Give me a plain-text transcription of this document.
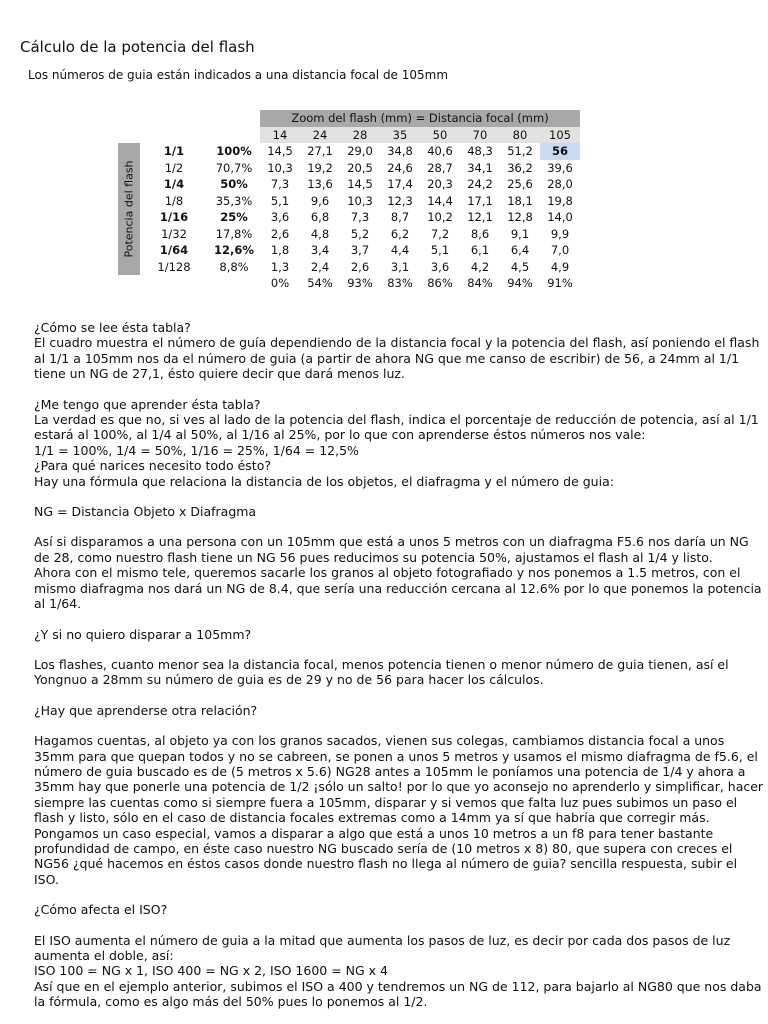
Cálculo de la potencia del flash
Los números de guia están indicados a una distancia focal de 105mm
			Zoom del flash (mm) = Distancia focal (mm)							
			14	24	28	35	50	70	80	105

Potencia del flash	1/1	100%	14,5	27,1	29,0	34,8	40,6	48,3	51,2	56
	1/2	70,7%	10,3	19,2	20,5	24,6	28,7	34,1	36,2	39,6
	1/4	50%	7,3	13,6	14,5	17,4	20,3	24,2	25,6	28,0
	1/8	35,3%	5,1	9,6	10,3	12,3	14,4	17,1	18,1	19,8
	1/16	25%	3,6	6,8	7,3	8,7	10,2	12,1	12,8	14,0
	1/32	17,8%	2,6	4,8	5,2	6,2	7,2	8,6	9,1	9,9
	1/64	12,6%	1,8	3,4	3,7	4,4	5,1	6,1	6,4	7,0
	1/128	8,8%	1,3	2,4	2,6	3,1	3,6	4,2	4,5	4,9
			0%	54%	93%	83%	86%	84%	94%	91%

¿Cómo se lee ésta tabla?

El cuadro muestra el número de guía dependiendo de la distancia focal y la potencia del flash, así poniendo el flash al 1/1 a 105mm nos da el número de guia (a partir de ahora NG que me canso de escribir) de 56, a 24mm al 1/1 tiene un NG de 27,1, ésto quiere decir que dará menos luz.

¿Me tengo que aprender ésta tabla?

La verdad es que no, si ves al lado de la potencia del flash, indica el porcentaje de reducción de potencia, así al 1/1 estará al 100%, al 1/4 al 50%, al 1/16 al 25%, por lo que con aprenderse éstos números nos vale:

1/1 = 100%, 1/4 = 50%, 1/16 = 25%, 1/64 = 12,5%

¿Para qué narices necesito todo ésto?

Hay una fórmula que relaciona la distancia de los objetos, el diafragma y el número de guia:

NG = Distancia Objeto x Diafragma

Así si disparamos a una persona con un 105mm que está a unos 5 metros con un diafragma F5.6 nos daría un NG de 28, como nuestro flash tiene un NG 56 pues reducimos su potencia 50%, ajustamos el flash al 1/4 y listo.

Ahora con el mismo tele, queremos sacarle los granos al objeto fotografiado y nos ponemos a 1.5 metros, con el mismo diafragma nos dará un NG de 8.4, que sería una reducción cercana al 12.6% por lo que ponemos la potencia al 1/64.

¿Y si no quiero disparar a 105mm?

Los flashes, cuanto menor sea la distancia focal, menos potencia tienen o menor número de guia tienen, así el Yongnuo a 28mm su número de guia es de 29 y no de 56 para hacer los cálculos.

¿Hay que aprenderse otra relación?

Hagamos cuentas, al objeto ya con los granos sacados, vienen sus colegas, cambiamos distancia focal a unos 35mm para que quepan todos y no se cabreen, se ponen a unos 5 metros y usamos el mismo diafragma de f5.6, el número de guia buscado es de (5 metros x 5.6) NG28 antes a 105mm le poníamos una potencia de 1/4 y ahora a 35mm hay que ponerle una potencia de 1/2 ¡sólo un salto! por lo que yo aconsejo no aprenderlo y simplificar, hacer siempre las cuentas como si siempre fuera a 105mm, disparar y si vemos que falta luz pues subimos un paso el flash y listo, sólo en el caso de distancia focales extremas como a 14mm ya sí que habría que corregir más.

Pongamos un caso especial, vamos a disparar a algo que está a unos 10 metros a un f8 para tener bastante profundidad de campo, en éste caso nuestro NG buscado sería de (10 metros x 8) 80, que supera con creces el NG56 ¿qué hacemos en éstos casos donde nuestro flash no llega al número de guia? sencilla respuesta, subir el ISO.

¿Cómo afecta el ISO?

El ISO aumenta el número de guia a la mitad que aumenta los pasos de luz, es decir por cada dos pasos de luz aumenta el doble, así:

ISO 100 = NG x 1, ISO 400 = NG x 2, ISO 1600 = NG x 4

Así que en el ejemplo anterior, subimos el ISO a 400 y tendremos un NG de 112, para bajarlo al NG80 que nos daba la fórmula, como es algo más del 50% pues lo ponemos al 1/2.
